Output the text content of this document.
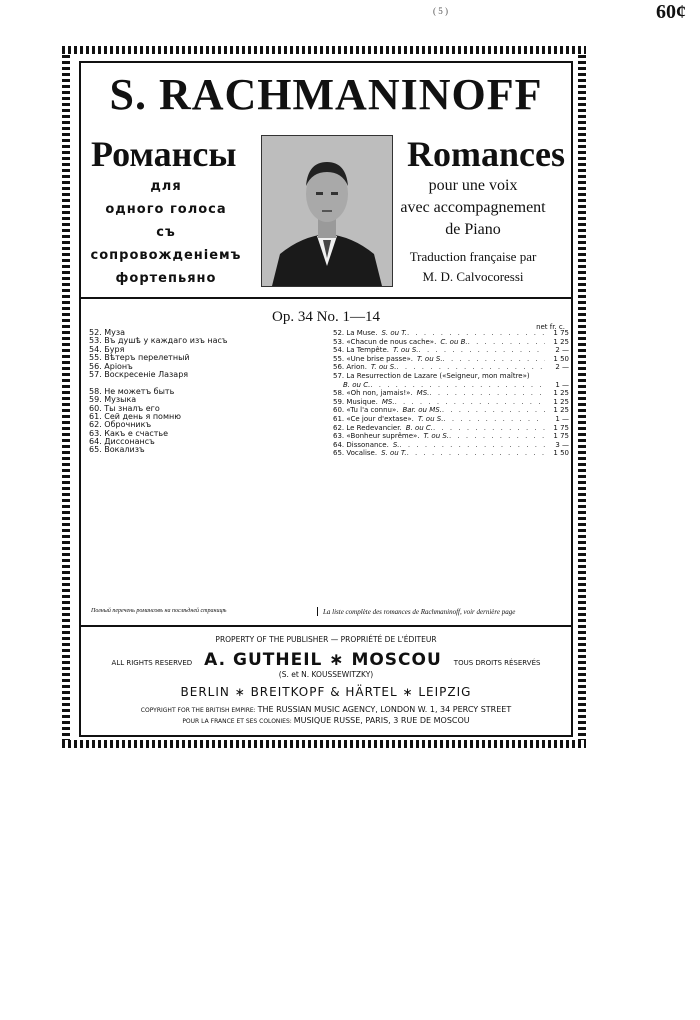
60¢
( 5 )
S. RACHMANINOFF
Романсы	Romances
для
одного голоса
съ
сопровожденіемъ
фортепьяно
pour une voix
avec accompagnement
de Piano
Traduction française par
M. D. Calvocoressi
Op. 34 No. 1—14
net fr. c.
52. Муза
53. Въ душѣ у каждаго изъ насъ
54. Буря
55. Вѣтеръ перелетный
56. Аріонъ
57. Воскресеніе Лазаря
58. Не можетъ быть
59. Музыка
60. Ты зналъ его
61. Сей день я помню
62. Оброчникъ
63. Какъ е счастье
64. Диссонансъ
65. Вокализъ
52. La Muse. S. ou T. . . .	1 75
53. «Chacun de nous cache». C. ou B. . . .	1 25
54. La Tempête. T. ou S. . . .	2 —
55. «Une brise passe». T. ou S. . . .	1 50
56. Arion. T. ou S. . . .	2 —
57. La Resurrection de Lazare («Seigneur, mon maître»)
B. ou C. . . .	1 —
58. «Oh non, jamais!». MS. . . .	1 25
59. Musique. MS. . . .	1 25
60. «Tu l'a connu». Bar. ou MS. . . .	1 25
61. «Ce jour d'extase». T. ou S. . . .	1 —
62. Le Redevancier. B. ou C. . . .	1 75
63. «Bonheur suprême». T. ou S. . . .	1 75
64. Dissonance. S. . . .	3 —
65. Vocalise. S. ou T. . . .	1 50
Полный перечень романсовъ на послѣдней страницѣ	La liste complète des romances de Rachmaninoff, voir dernière page
PROPERTY OF THE PUBLISHER — PROPRIÉTÉ DE L'ÉDITEUR
ALL RIGHTS RESERVED A. GUTHEIL ∗ MOSCOU TOUS DROITS RÉSERVÉS
(S. et N. KOUSSEWITZKY)
BERLIN ∗ BREITKOPF & HÄRTEL ∗ LEIPZIG
COPYRIGHT FOR THE BRITISH EMPIRE: THE RUSSIAN MUSIC AGENCY, LONDON W. 1, 34 PERCY STREET
POUR LA FRANCE ET SES COLONIES: MUSIQUE RUSSE, PARIS, 3 RUE DE MOSCOU
